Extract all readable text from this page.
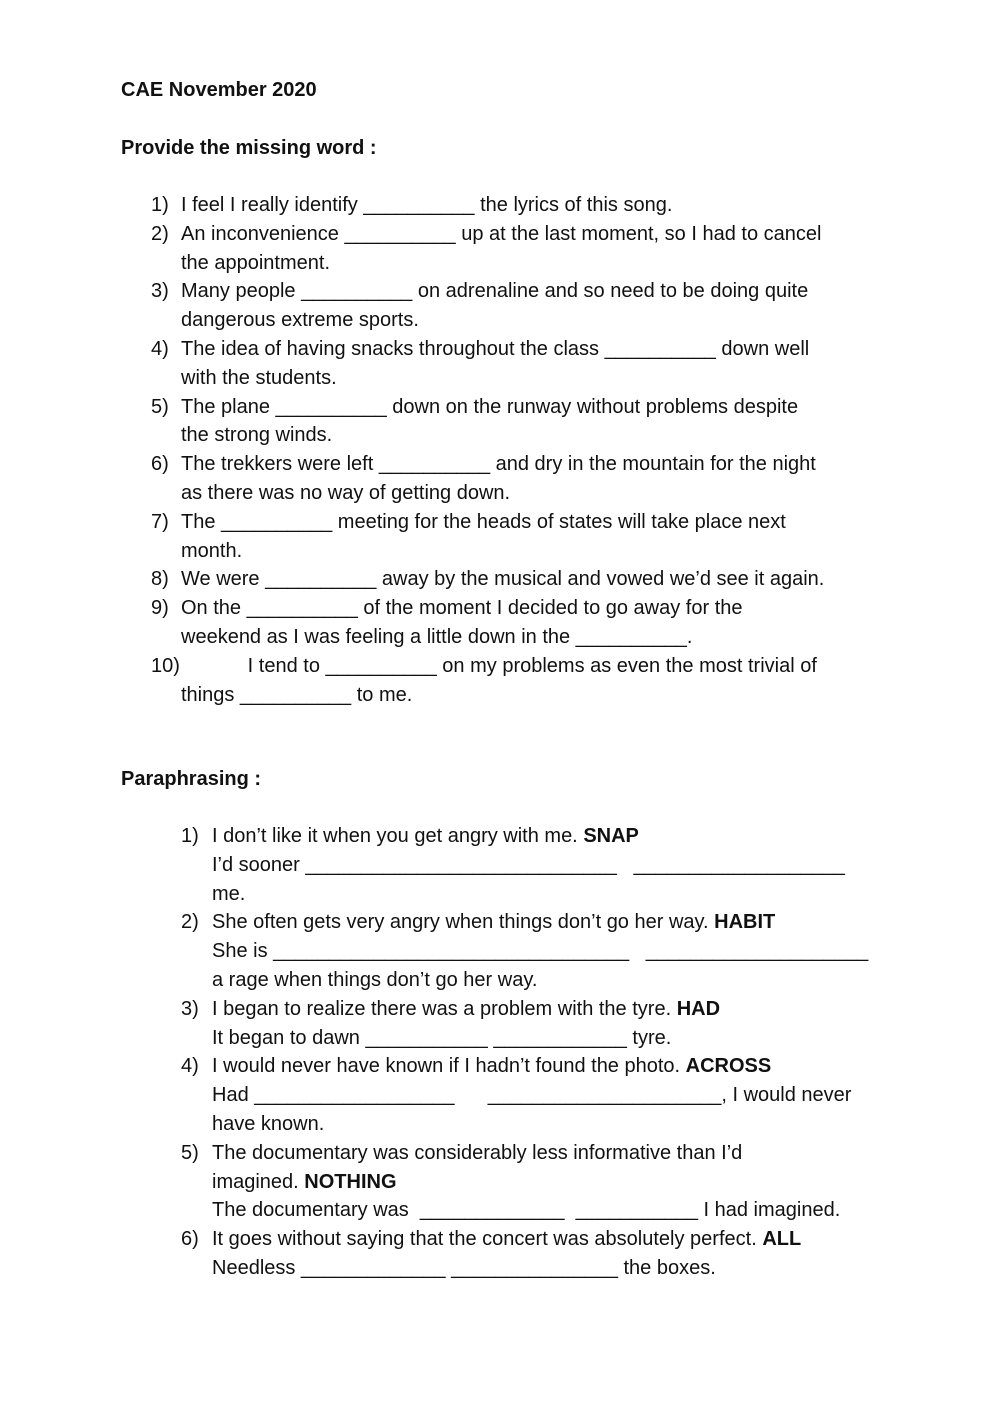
CAE November 2020
Provide the missing word :
1) I feel I really identify __________ the lyrics of this song.
2) An inconvenience __________ up at the last moment, so I had to cancel
the appointment.
3) Many people __________ on adrenaline and so need to be doing quite
dangerous extreme sports.
4) The idea of having snacks throughout the class __________ down well
with the students.
5) The plane __________ down on the runway without problems despite
the strong winds.
6) The trekkers were left __________ and dry in the mountain for the night
as there was no way of getting down.
7) The __________ meeting for the heads of states will take place next
month.
8) We were __________ away by the musical and vowed we’d see it again.
9) On the __________ of the moment I decided to go away for the
weekend as I was feeling a little down in the __________.
10) I tend to __________ on my problems as even the most trivial of
things __________ to me.
Paraphrasing :
1) I don’t like it when you get angry with me. SNAP
I’d sooner ____________________________   ___________________
me.
2) She often gets very angry when things don’t go her way. HABIT
She is ________________________________   ____________________
a rage when things don’t go her way.
3) I began to realize there was a problem with the tyre. HAD
It began to dawn ___________ ____________ tyre.
4) I would never have known if I hadn’t found the photo. ACROSS
Had __________________      _____________________, I would never
have known.
5) The documentary was considerably less informative than I’d
imagined. NOTHING
The documentary was  _____________  ___________ I had imagined.
6) It goes without saying that the concert was absolutely perfect. ALL
Needless _____________ _______________ the boxes.
